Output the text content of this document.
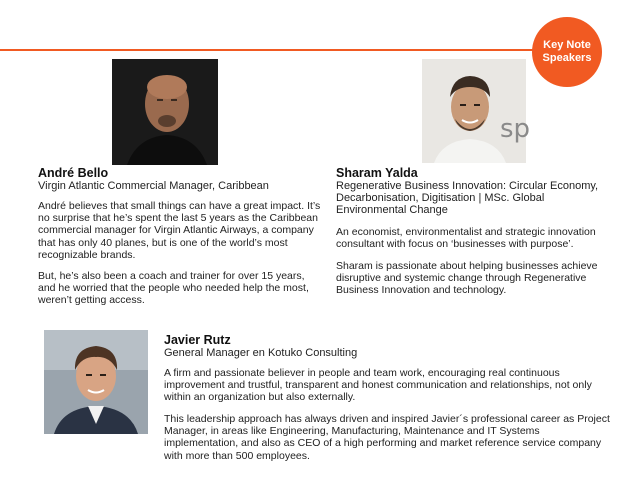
Key Note
Speakers
André Bello
Virgin Atlantic Commercial Manager, Caribbean
André believes that small things can have a great impact. It’s no surprise that he’s spent the last 5 years as the Caribbean commercial manager for Virgin Atlantic Airways, a company that has only 40 planes, but is one of the world’s most recognizable brands.
But, he’s also been a coach and trainer for over 15 years, and he worried that the people who needed help the most, weren’t getting access.
sp
Sharam Yalda
Regenerative Business Innovation: Circular Economy, Decarbonisation, Digitisation | MSc. Global Environmental Change
An economist, environmentalist and strategic innovation consultant with focus on ‘businesses with purpose’.
Sharam is passionate about helping businesses achieve disruptive and systemic change through Regenerative Business Innovation and technology.
Javier Rutz
General Manager en Kotuko Consulting
A firm and passionate believer in people and team work, encouraging real continuous improvement and trustful, transparent and honest communication and relationships, not only within an organization but also externally.
This leadership approach has always driven and inspired Javier´s professional career as Project Manager, in areas like Engineering, Manufacturing, Maintenance and IT Systems implementation, and also as CEO of a high performing and market reference service company with more than 500 employees.
